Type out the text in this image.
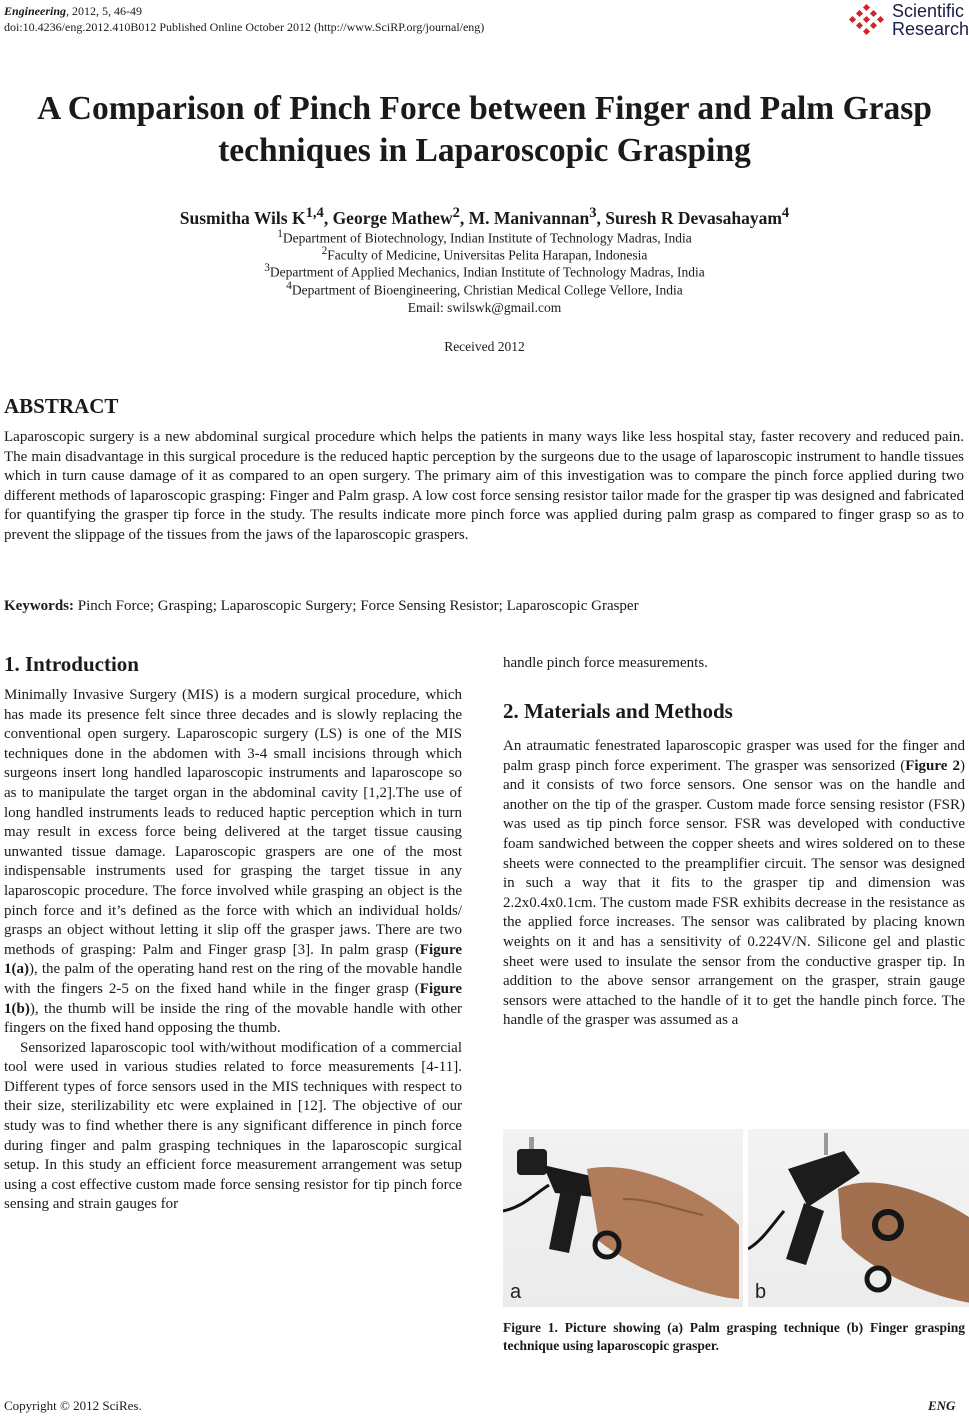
Engineering, 2012, 5, 46-49
doi:10.4236/eng.2012.410B012 Published Online October 2012 (http://www.SciRP.org/journal/eng)
Scientific
Research
A Comparison of Pinch Force between Finger and Palm Grasp
techniques in Laparoscopic Grasping
Susmitha Wils K$^{1,4}$, George Mathew$^2$, M. Manivannan$^3$, Suresh R Devasahayam$^4$
$^1$Department of Biotechnology, Indian Institute of Technology Madras, India
$^2$Faculty of Medicine, Universitas Pelita Harapan, Indonesia
$^3$Department of Applied Mechanics, Indian Institute of Technology Madras, India
$^4$Department of Bioengineering, Christian Medical College Vellore, India
Email: swilswk@gmail.com
Received 2012
ABSTRACT
Laparoscopic surgery is a new abdominal surgical procedure which helps the patients in many ways like less hospital stay, faster recovery and reduced pain. The main disadvantage in this surgical procedure is the reduced haptic perception by the surgeons due to the usage of laparoscopic instrument to handle tissues which in turn cause damage of it as compared to an open surgery. The primary aim of this investigation was to compare the pinch force applied during two different methods of laparoscopic grasping: Finger and Palm grasp. A low cost force sensing resistor tailor made for the grasper tip was designed and fabricated for quantifying the grasper tip force in the study. The results indicate more pinch force was applied during palm grasp as compared to finger grasp so as to prevent the slippage of the tissues from the jaws of the laparoscopic graspers.
Keywords: Pinch Force; Grasping; Laparoscopic Surgery; Force Sensing Resistor; Laparoscopic Grasper
1. Introduction

Minimally Invasive Surgery (MIS) is a modern surgical procedure, which has made its presence felt since three decades and is slowly replacing the conventional open surgery. Laparoscopic surgery (LS) is one of the MIS techniques done in the abdomen with 3-4 small incisions through which surgeons insert long handled laparoscopic instruments and laparoscope so as to manipulate the target organ in the abdominal cavity [1,2].The use of long handled instruments leads to reduced haptic perception which in turn may result in excess force being delivered at the target tissue causing unwanted tissue damage. Laparoscopic graspers are one of the most indispensable instruments used for grasping the target tissue in any laparoscopic procedure. The force involved while grasping an object is the pinch force and it’s defined as the force with which an individual holds/ grasps an object without letting it slip off the grasper jaws. There are two methods of grasping: Palm and Finger grasp [3]. In palm grasp (Figure 1(a)), the palm of the operating hand rest on the ring of the movable handle with the fingers 2-5 on the fixed hand while in the finger grasp (Figure 1(b)), the thumb will be inside the ring of the movable handle with other fingers on the fixed hand opposing the thumb.

Sensorized laparoscopic tool with/without modification of a commercial tool were used in various studies related to force measurements [4-11]. Different types of force sensors used in the MIS techniques with respect to their size, sterilizability etc were explained in [12]. The objective of our study was to find whether there is any significant difference in pinch force during finger and palm grasping techniques in the laparoscopic surgical setup. In this study an efficient force measurement arrangement was setup using a cost effective custom made force sensing resistor for tip pinch force sensing and strain gauges for

handle pinch force measurements.
2. Materials and Methods

An atraumatic fenestrated laparoscopic grasper was used for the finger and palm grasp pinch force experiment. The grasper was sensorized (Figure 2) and it consists of two force sensors. One sensor was on the handle and another on the tip of the grasper. Custom made force sensing resistor (FSR) was used as tip pinch force sensor. FSR was developed with conductive foam sandwiched between the copper sheets and wires soldered on to these sheets were connected to the preamplifier circuit. The sensor was designed in such a way that it fits to the grasper tip and dimension was 2.2x0.4x0.1cm. The custom made FSR exhibits decrease in the resistance as the applied force increases. The sensor was calibrated by placing known weights on it and has a sensitivity of 0.224V/N. Silicone gel and plastic sheet were used to insulate the sensor from the conductive grasper tip. In addition to the above sensor arrangement on the grasper, strain gauge sensors were attached to the handle of it to get the handle pinch force. The handle of the grasper was assumed as a

a	b
Figure 1. Picture showing (a) Palm grasping technique (b) Finger grasping technique using laparoscopic grasper.
Copyright © 2012 SciRes.	ENG
